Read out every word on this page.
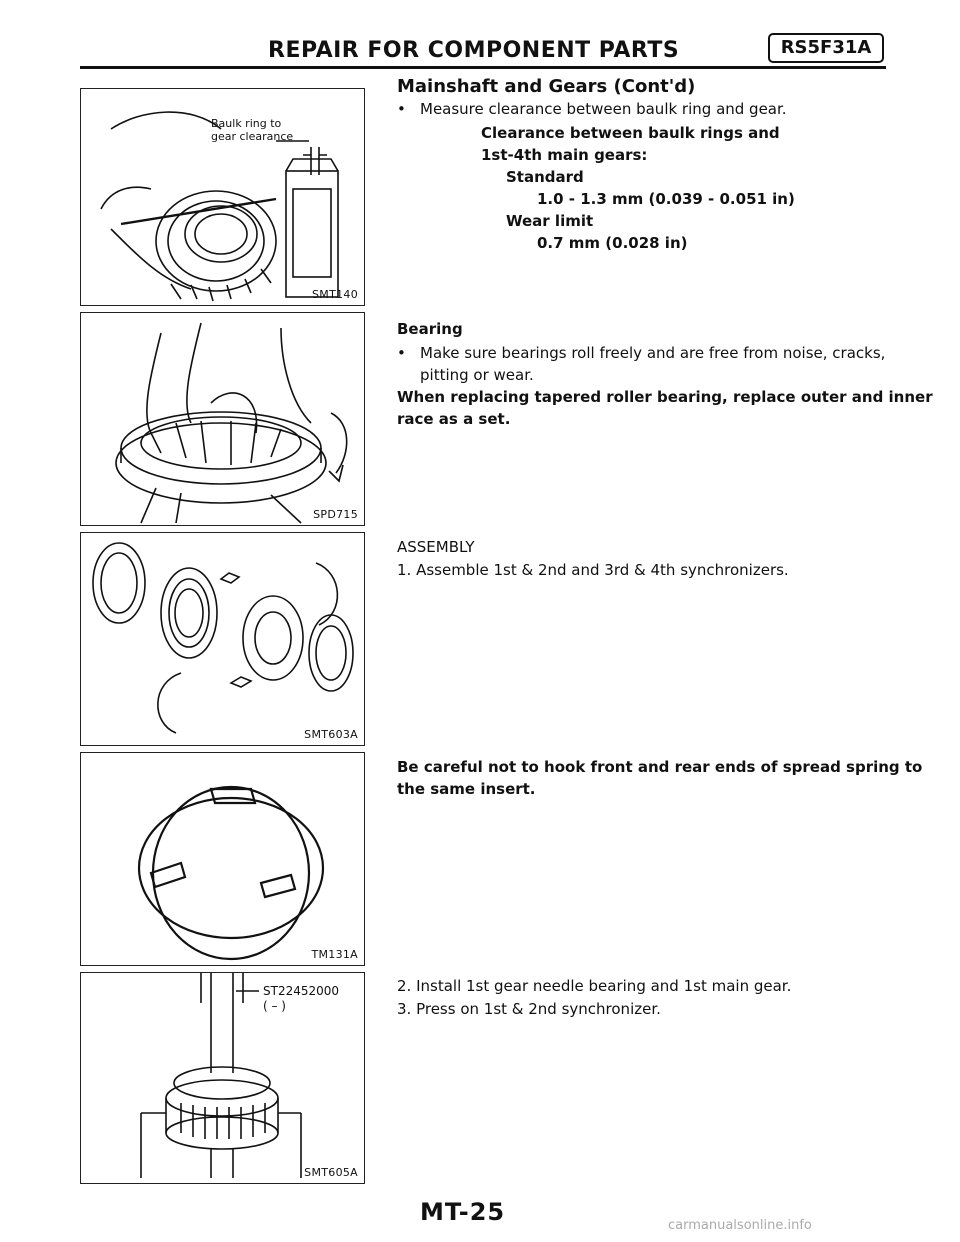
REPAIR FOR COMPONENT PARTS	RS5F31A
Baulk ring to
gear clearance
SMT140
SPD715
SMT603A
TM131A
ST22452000
( – )
SMT605A
Mainshaft and Gears (Cont'd)
• Measure clearance between baulk ring and gear.
Clearance between baulk rings and
1st-4th main gears:
Standard
1.0 - 1.3 mm (0.039 - 0.051 in)
Wear limit
0.7 mm (0.028 in)
Bearing
• Make sure bearings roll freely and are free from noise, cracks,
pitting or wear.
When replacing tapered roller bearing, replace outer and inner
race as a set.
ASSEMBLY
1. Assemble 1st & 2nd and 3rd & 4th synchronizers.
Be careful not to hook front and rear ends of spread spring to
the same insert.
2. Install 1st gear needle bearing and 1st main gear.
3. Press on 1st & 2nd synchronizer.
MT-25	carmanualsonline.info
